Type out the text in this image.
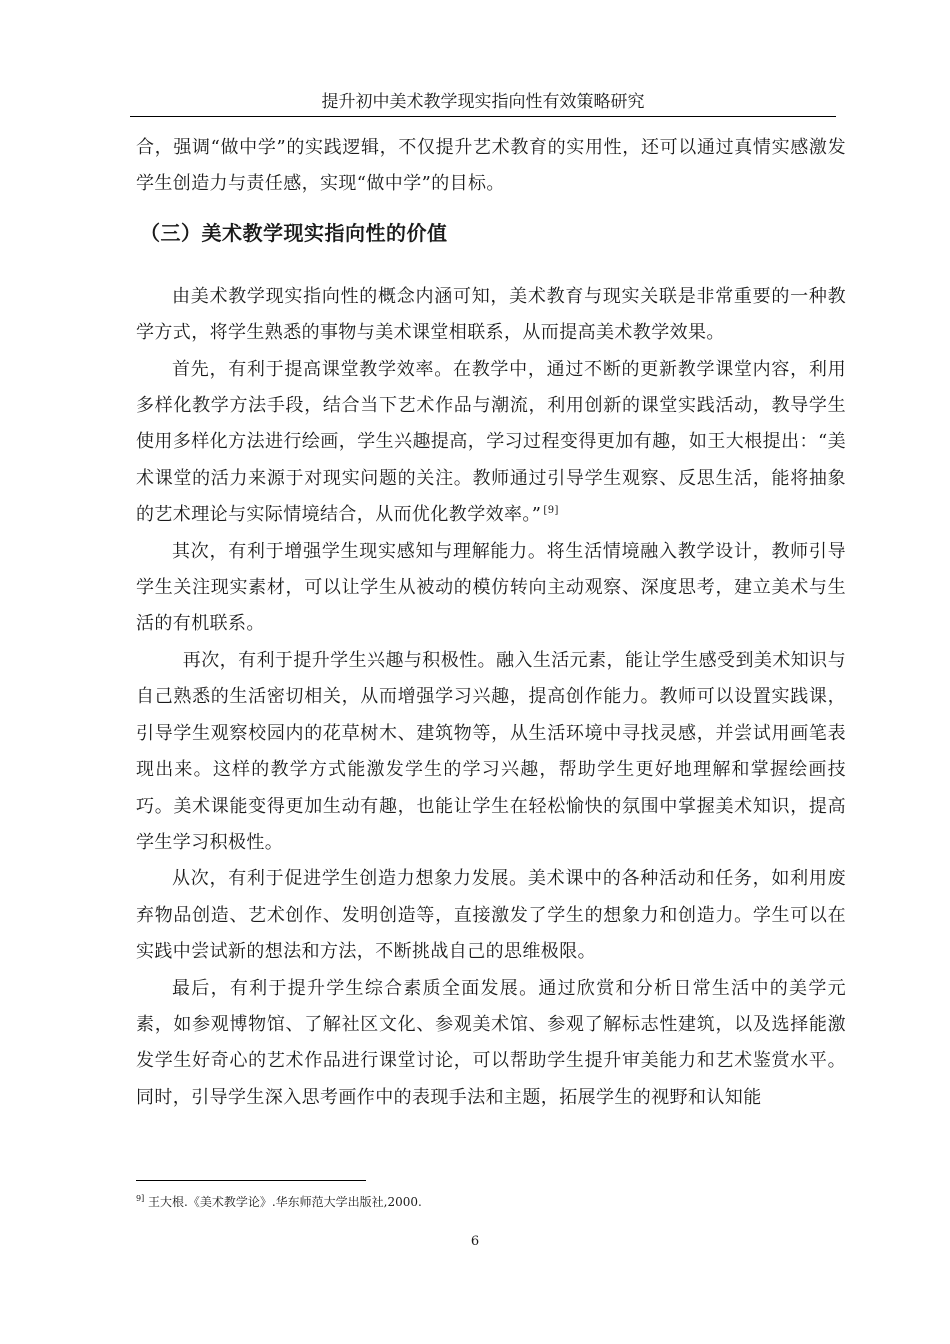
提升初中美术教学现实指向性有效策略研究

合，强调“做中学”的实践逻辑，不仅提升艺术教育的实用性，还可以通过真情实感激发学生创造力与责任感，实现“做中学”的目标。

（三）美术教学现实指向性的价值

由美术教学现实指向性的概念内涵可知，美术教育与现实关联是非常重要的一种教学方式，将学生熟悉的事物与美术课堂相联系，从而提高美术教学效果。

首先，有利于提高课堂教学效率。在教学中，通过不断的更新教学课堂内容，利用多样化教学方法手段，结合当下艺术作品与潮流，利用创新的课堂实践活动，教导学生使用多样化方法进行绘画，学生兴趣提高，学习过程变得更加有趣，如王大根提出：“美术课堂的活力来源于对现实问题的关注。教师通过引导学生观察、反思生活，能将抽象的艺术理论与实际情境结合，从而优化教学效率。” [9]

其次，有利于增强学生现实感知与理解能力。将生活情境融入教学设计，教师引导学生关注现实素材，可以让学生从被动的模仿转向主动观察、深度思考，建立美术与生活的有机联系。

再次，有利于提升学生兴趣与积极性。融入生活元素，能让学生感受到美术知识与自己熟悉的生活密切相关，从而增强学习兴趣，提高创作能力。教师可以设置实践课，引导学生观察校园内的花草树木、建筑物等，从生活环境中寻找灵感，并尝试用画笔表现出来。这样的教学方式能激发学生的学习兴趣，帮助学生更好地理解和掌握绘画技巧。美术课能变得更加生动有趣，也能让学生在轻松愉快的氛围中掌握美术知识，提高学生学习积极性。

从次，有利于促进学生创造力想象力发展。美术课中的各种活动和任务，如利用废弃物品创造、艺术创作、发明创造等，直接激发了学生的想象力和创造力。学生可以在实践中尝试新的想法和方法，不断挑战自己的思维极限。

最后，有利于提升学生综合素质全面发展。通过欣赏和分析日常生活中的美学元素，如参观博物馆、了解社区文化、参观美术馆、参观了解标志性建筑，以及选择能激发学生好奇心的艺术作品进行课堂讨论，可以帮助学生提升审美能力和艺术鉴赏水平。同时，引导学生深入思考画作中的表现手法和主题，拓展学生的视野和认知能

$^{9]}$ 王大根.《美术教学论》.华东师范大学出版社,2000.
6
